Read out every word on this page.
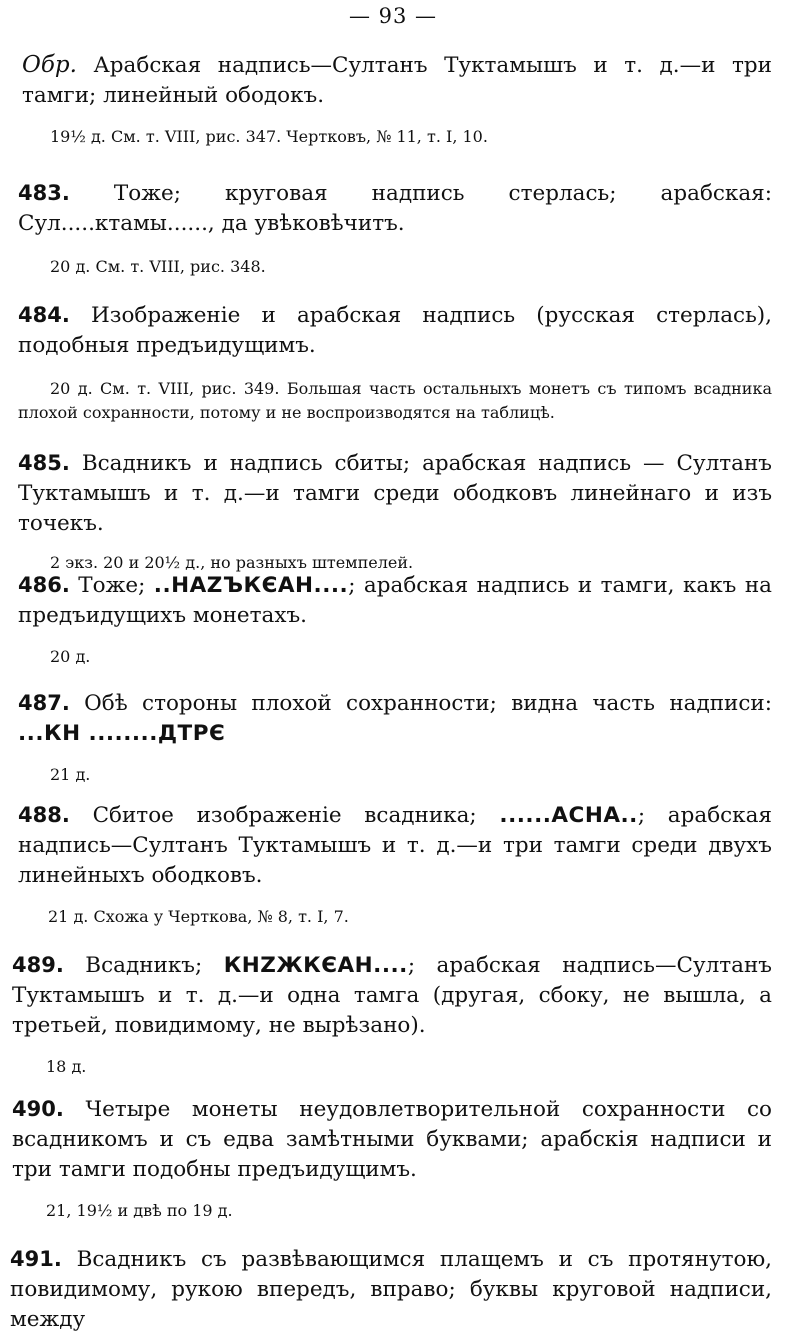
— 93 —

Обр. Арабская надпись—Султанъ Туктамышъ и т. д.—и три тамги; линейный ободокъ.

19½ д. См. т. VIII, рис. 347. Чертковъ, № 11, т. I, 10.

483. Тоже; круговая надпись стерлась; арабская: Сул.....ктамы......, да увѣковѣчитъ.

20 д. См. т. VIII, рис. 348.

484. Изображенiе и арабская надпись (русская стерлась), подобныя предъидущимъ.

20 д. См. т. VIII, рис. 349. Большая часть остальныхъ монетъ съ типомъ всадника плохой сохранности, потому и не воспроизводятся на таблицѣ.

485. Всадникъ и надпись сбиты; арабская надпись — Султанъ Туктамышъ и т. д.—и тамги среди ободковъ линейнаго и изъ точекъ.

2 экз. 20 и 20½ д., но разныхъ штемпелей.

486. Тоже; ..НАZЪКЄАН....; арабская надпись и тамги, какъ на предъидущихъ монетахъ.

20 д.

487. Обѣ стороны плохой сохранности; видна часть надписи: ...КН ........ДТРЄ

21 д.

488. Сбитое изображенiе всадника; ......АСНА..; арабская надпись—Султанъ Туктамышъ и т. д.—и три тамги среди двухъ линейныхъ ободковъ.

21 д. Схожа у Черткова, № 8, т. I, 7.

489. Всадникъ; КНZЖКЄАН....; арабская надпись—Султанъ Туктамышъ и т. д.—и одна тамга (другая, сбоку, не вышла, а третьей, повидимому, не вырѣзано).

18 д.

490. Четыре монеты неудовлетворительной сохранности со всадникомъ и съ едва замѣтными буквами; арабскiя надписи и три тамги подобны предъидущимъ.

21, 19½ и двѣ по 19 д.

491. Всадникъ съ развѣвающимся плащемъ и съ протянутою, повидимому, рукою впередъ, вправо; буквы круговой надписи, между
